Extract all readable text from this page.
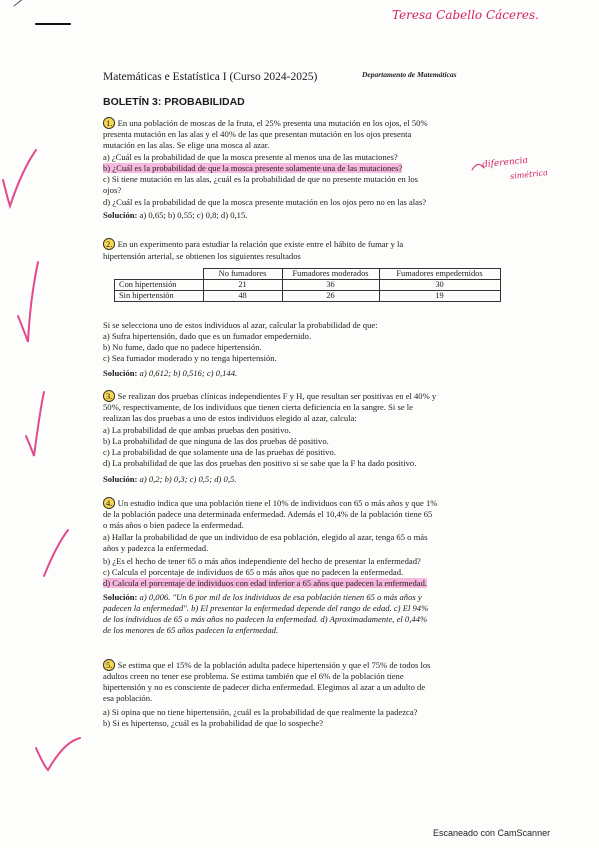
Teresa Cabello Cáceres.
diferencia
simétrica
Matemáticas e Estatística I (Curso 2024-2025)	Departamento de Matemáticas
BOLETÍN 3: PROBABILIDAD
1. En una población de moscas de la fruta, el 25% presenta una mutación en los ojos, el 50%
presenta mutación en las alas y el 40% de las que presentan mutación en los ojos presenta
mutación en las alas. Se elige una mosca al azar.
a) ¿Cuál es la probabilidad de que la mosca presente al menos una de las mutaciones?
b) ¿Cuál es la probabilidad de que la mosca presente solamente una de las mutaciones?
c) Si tiene mutación en las alas, ¿cuál es la probabilidad de que no presente mutación en los
ojos?
d) ¿Cuál es la probabilidad de que la mosca presente mutación en los ojos pero no en las alas?
Solución: a) 0,65; b) 0,55; c) 0,8; d) 0,15.
2. En un experimento para estudiar la relación que existe entre el hábito de fumar y la
hipertensión arterial, se obtienen los siguientes resultados
	No fumadores	Fumadores moderados	Fumadores empedernidos
Con hipertensión	21	36	30
Sin hipertensión	48	26	19
Si se selecciona uno de estos individuos al azar, calcular la probabilidad de que:
a) Sufra hipertensión, dado que es un fumador empedernido.
b) No fume, dado que no padece hipertensión.
c) Sea fumador moderado y no tenga hipertensión.
Solución: a) 0,612; b) 0,516; c) 0,144.
3. Se realizan dos pruebas clínicas independientes F y H, que resultan ser positivas en el 40% y
50%, respectivamente, de los individuos que tienen cierta deficiencia en la sangre. Si se le
realizan las dos pruebas a uno de estos individuos elegido al azar, calcula:
a) La probabilidad de que ambas pruebas den positivo.
b) La probabilidad de que ninguna de las dos pruebas dé positivo.
c) La probabilidad de que solamente una de las pruebas dé positivo.
d) La probabilidad de que las dos pruebas den positivo si se sabe que la F ha dado positivo.
Solución: a) 0,2; b) 0,3; c) 0,5; d) 0,5.
4. Un estudio indica que una población tiene el 10% de individuos con 65 o más años y que 1%
de la población padece una determinada enfermedad. Además el 10,4% de la población tiene 65
o más años o bien padece la enfermedad.
a) Hallar la probabilidad de que un individuo de esa población, elegido al azar, tenga 65 o más
años y padezca la enfermedad.
b) ¿Es el hecho de tener 65 o más años independiente del hecho de presentar la enfermedad?
c) Calcula el porcentaje de individuos de 65 o más años que no padecen la enfermedad.
d) Calcula el porcentaje de individuos con edad inferior a 65 años que padecen la enfermedad.
Solución: a) 0,006. "Un 6 por mil de los individuos de esa población tienen 65 o más años y
padecen la enfermedad". b) El presentar la enfermedad depende del rango de edad. c) El 94%
de los individuos de 65 o más años no padecen la enfermedad. d) Aproximadamente, el 0,44%
de los menores de 65 años padecen la enfermedad.
5. Se estima que el 15% de la población adulta padece hipertensión y que el 75% de todos los
adultos creen no tener ese problema. Se estima también que el 6% de la población tiene
hipertensión y no es consciente de padecer dicha enfermedad. Elegimos al azar a un adulto de
esa población.
a) Si opina que no tiene hipertensión, ¿cuál es la probabilidad de que realmente la padezca?
b) Si es hipertenso, ¿cuál es la probabilidad de que lo sospeche?
Escaneado con CamScanner
